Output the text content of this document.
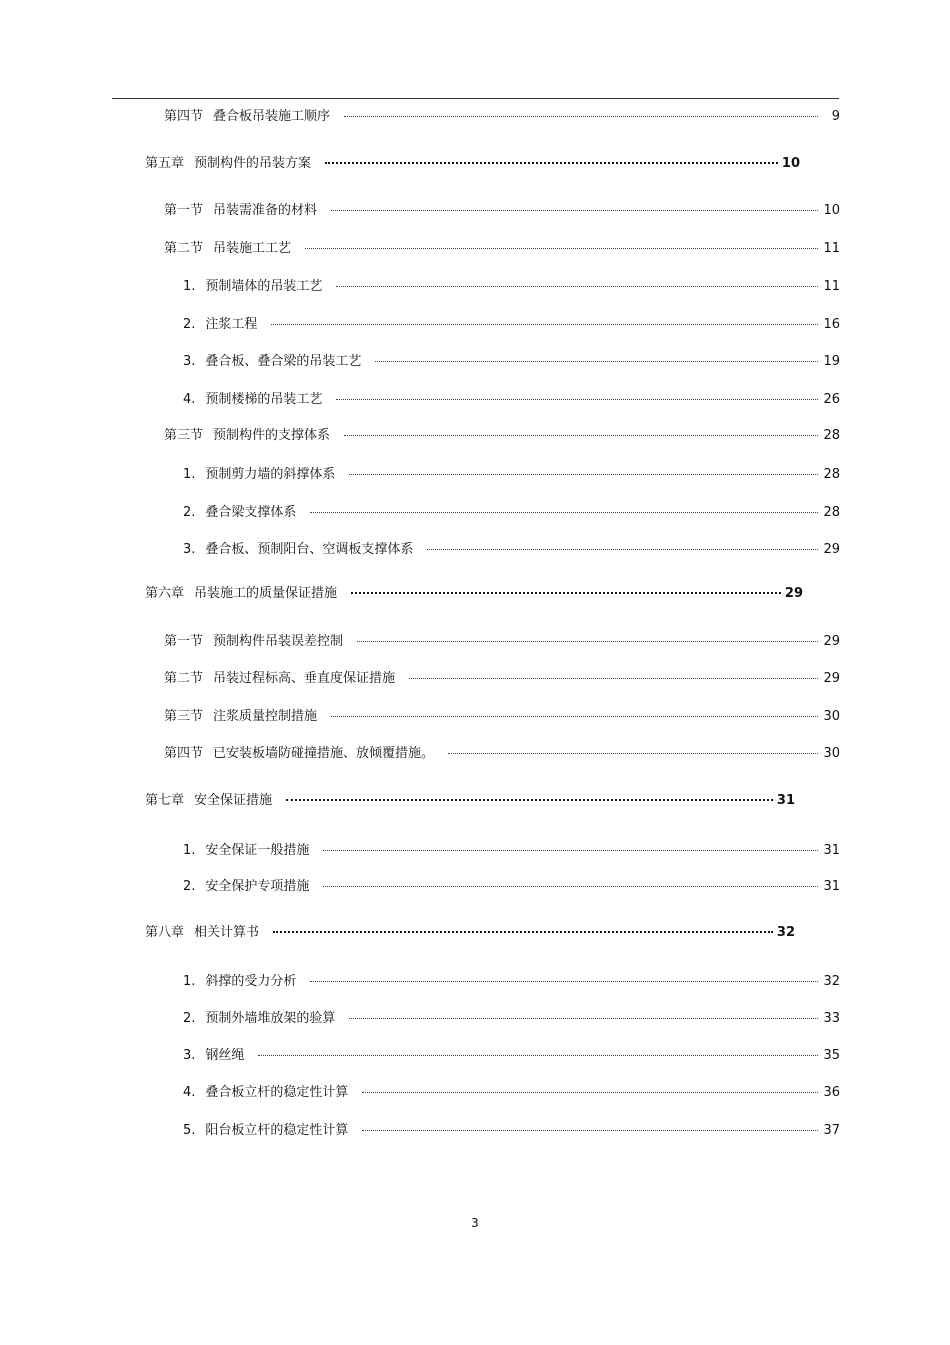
第四节 叠合板吊装施工顺序	9
第五章 预制构件的吊装方案	10
第一节 吊装需准备的材料	10
第二节 吊装施工工艺	11
1. 预制墙体的吊装工艺	11
2. 注浆工程	16
3. 叠合板、叠合梁的吊装工艺	19
4. 预制楼梯的吊装工艺	26
第三节 预制构件的支撑体系	28
1. 预制剪力墙的斜撑体系	28
2. 叠合梁支撑体系	28
3. 叠合板、预制阳台、空调板支撑体系	29
第六章 吊装施工的质量保证措施	29
第一节 预制构件吊装误差控制	29
第二节 吊装过程标高、垂直度保证措施	29
第三节 注浆质量控制措施	30
第四节 已安装板墙防碰撞措施、放倾覆措施。	30
第七章 安全保证措施	31
1. 安全保证一般措施	31
2. 安全保护专项措施	31
第八章 相关计算书	32
1. 斜撑的受力分析	32
2. 预制外墙堆放架的验算	33
3. 钢丝绳	35
4. 叠合板立杆的稳定性计算	36
5. 阳台板立杆的稳定性计算	37
3
